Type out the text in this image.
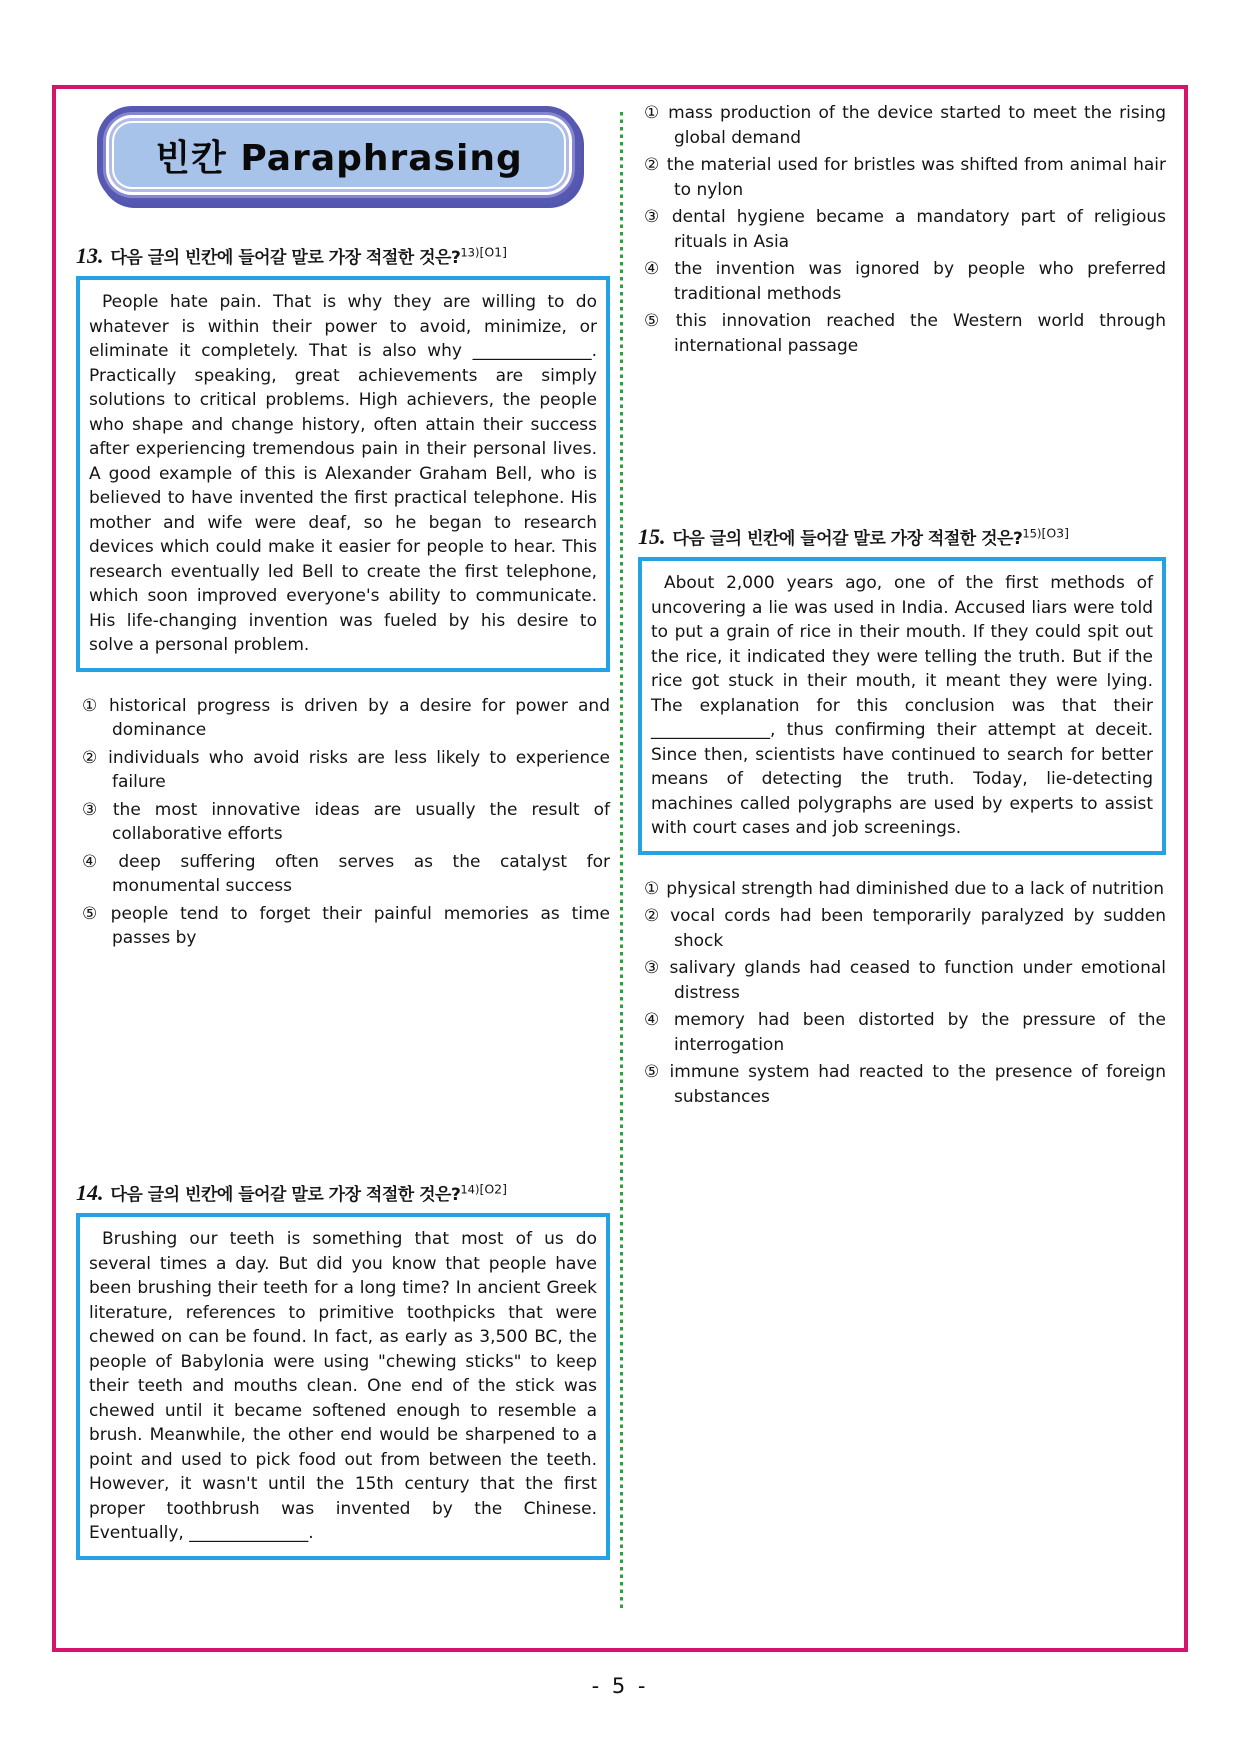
빈칸 Paraphrasing
13. 다음 글의 빈칸에 들어갈 말로 가장 적절한 것은?$^{13)[O1]}$

People hate pain. That is why they are willing to do whatever is within their power to avoid, minimize, or eliminate it completely. That is also why ______________. Practically speaking, great achievements are simply solutions to critical problems. High achievers, the people who shape and change history, often attain their success after experiencing tremendous pain in their personal lives. A good example of this is Alexander Graham Bell, who is believed to have invented the first practical telephone. His mother and wife were deaf, so he began to research devices which could make it easier for people to hear. This research eventually led Bell to create the first telephone, which soon improved everyone's ability to communicate. His life-changing invention was fueled by his desire to solve a personal problem.

① historical progress is driven by a desire for power and dominance
② individuals who avoid risks are less likely to experience failure
③ the most innovative ideas are usually the result of collaborative efforts
④ deep suffering often serves as the catalyst for monumental success
⑤ people tend to forget their painful memories as time passes by
14. 다음 글의 빈칸에 들어갈 말로 가장 적절한 것은?$^{14)[O2]}$

Brushing our teeth is something that most of us do several times a day. But did you know that people have been brushing their teeth for a long time? In ancient Greek literature, references to primitive toothpicks that were chewed on can be found. In fact, as early as 3,500 BC, the people of Babylonia were using "chewing sticks" to keep their teeth and mouths clean. One end of the stick was chewed until it became softened enough to resemble a brush. Meanwhile, the other end would be sharpened to a point and used to pick food out from between the teeth. However, it wasn't until the 15th century that the first proper toothbrush was invented by the Chinese. Eventually, ______________.

① mass production of the device started to meet the rising global demand
② the material used for bristles was shifted from animal hair to nylon
③ dental hygiene became a mandatory part of religious rituals in Asia
④ the invention was ignored by people who preferred traditional methods
⑤ this innovation reached the Western world through international passage
15. 다음 글의 빈칸에 들어갈 말로 가장 적절한 것은?$^{15)[O3]}$

About 2,000 years ago, one of the first methods of uncovering a lie was used in India. Accused liars were told to put a grain of rice in their mouth. If they could spit out the rice, it indicated they were telling the truth. But if the rice got stuck in their mouth, it meant they were lying. The explanation for this conclusion was that their ______________, thus confirming their attempt at deceit. Since then, scientists have continued to search for better means of detecting the truth. Today, lie-detecting machines called polygraphs are used by experts to assist with court cases and job screenings.

① physical strength had diminished due to a lack of nutrition
② vocal cords had been temporarily paralyzed by sudden shock
③ salivary glands had ceased to function under emotional distress
④ memory had been distorted by the pressure of the interrogation
⑤ immune system had reacted to the presence of foreign substances
- 5 -
